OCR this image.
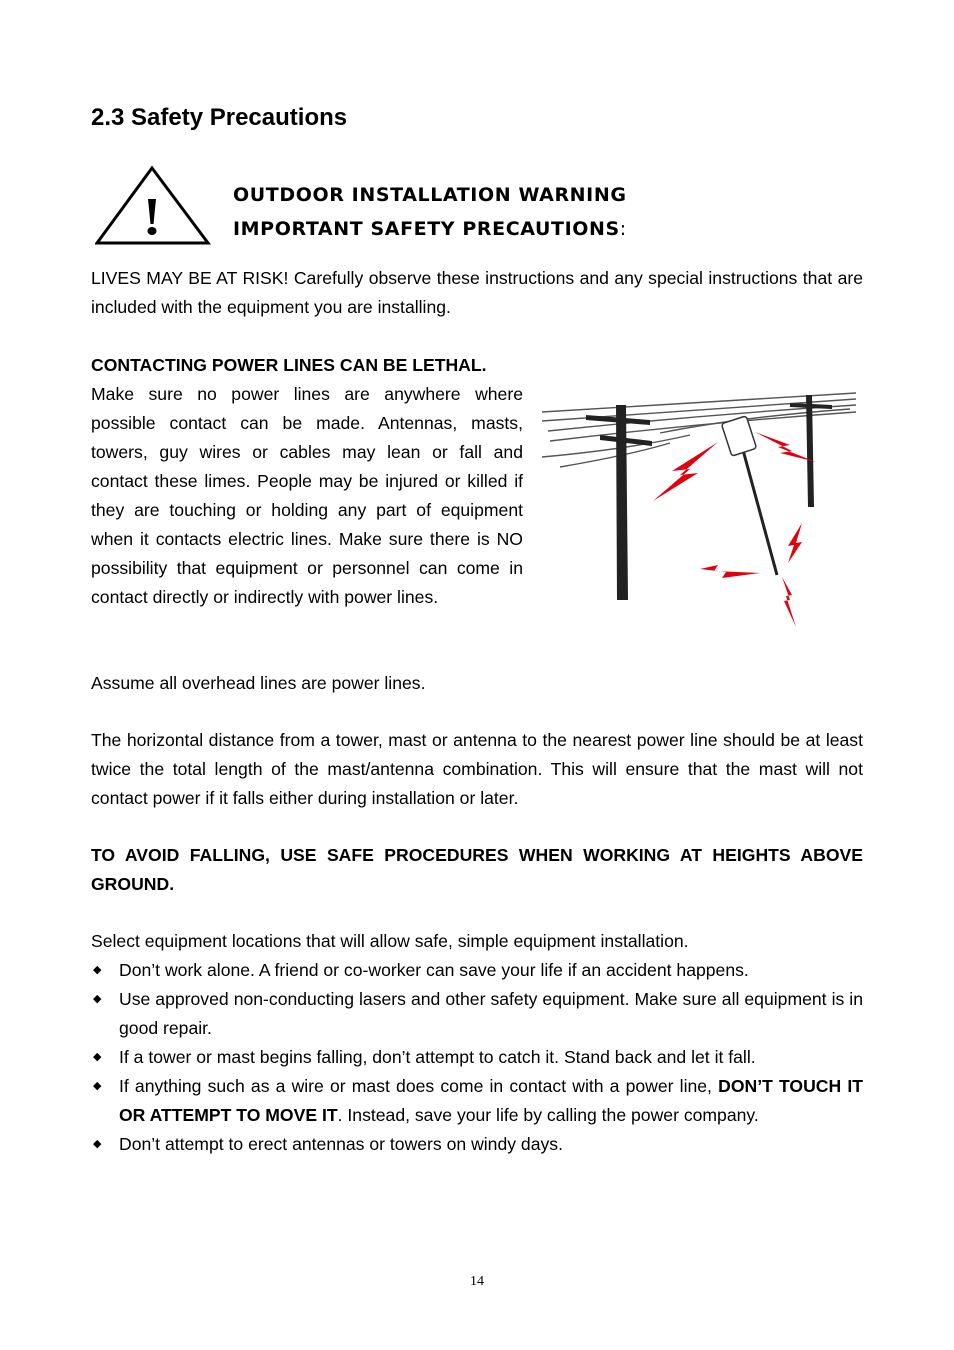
2.3 Safety Precautions
OUTDOOR INSTALLATION WARNING
IMPORTANT SAFETY PRECAUTIONS:
LIVES MAY BE AT RISK! Carefully observe these instructions and any special instructions that are included with the equipment you are installing.
CONTACTING POWER LINES CAN BE LETHAL.
Make sure no power lines are anywhere where possible contact can be made. Antennas, masts, towers, guy wires or cables may lean or fall and contact these limes. People may be injured or killed if they are touching or holding any part of equipment when it contacts electric lines. Make sure there is NO possibility that equipment or personnel can come in contact directly or indirectly with power lines.
Assume all overhead lines are power lines.
The horizontal distance from a tower, mast or antenna to the nearest power line should be at least twice the total length of the mast/antenna combination. This will ensure that the mast will not contact power if it falls either during installation or later.
TO AVOID FALLING, USE SAFE PROCEDURES WHEN WORKING AT HEIGHTS ABOVE GROUND.
Select equipment locations that will allow safe, simple equipment installation.
◆ Don’t work alone. A friend or co-worker can save your life if an accident happens.
◆ Use approved non-conducting lasers and other safety equipment. Make sure all equipment is in good repair.
◆ If a tower or mast begins falling, don’t attempt to catch it. Stand back and let it fall.
◆ If anything such as a wire or mast does come in contact with a power line, DON’T TOUCH IT OR ATTEMPT TO MOVE IT. Instead, save your life by calling the power company.
◆ Don’t attempt to erect antennas or towers on windy days.
14
